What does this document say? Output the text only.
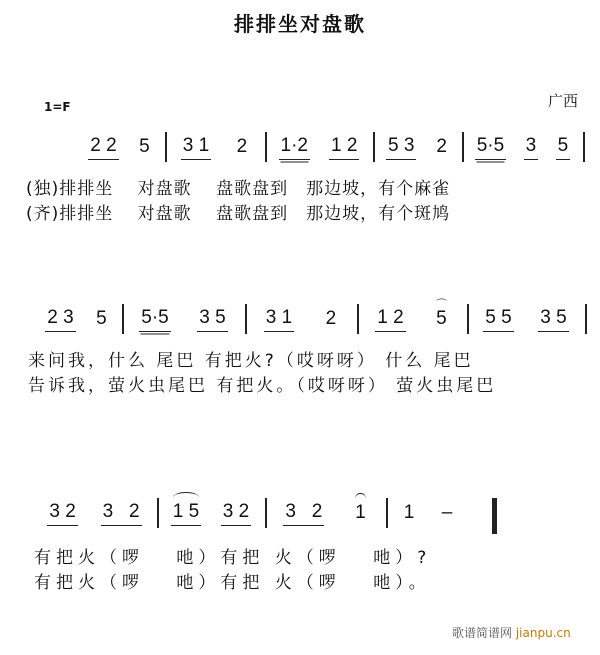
排排坐对盘歌
1=F	广西
(独)排排坐　 对盘歌　 盘歌盘到　那边坡，有个麻雀
(齐)排排坐　 对盘歌　 盘歌盘到　那边坡，有个斑鸠
来问我，什么 尾巴 有把火?（哎呀呀） 什么 尾巴
告诉我，萤火虫尾巴 有把火。（哎呀呀） 萤火虫尾巴
有把火（啰　 吔）有把 火（啰　 吔）?
有把火（啰　 吔）有把 火（啰　 吔）。
歌谱简谱网 jianpu.cn
2 2 5 3 1 2 1·2 1 2 5 3 2 5·5 3 5
2 3 5 5·5 3 5 3 1 2 1 2 5
⌒
5 5 3 5
3 2 3   2 1 5 3 2 3   2 1 1 –
